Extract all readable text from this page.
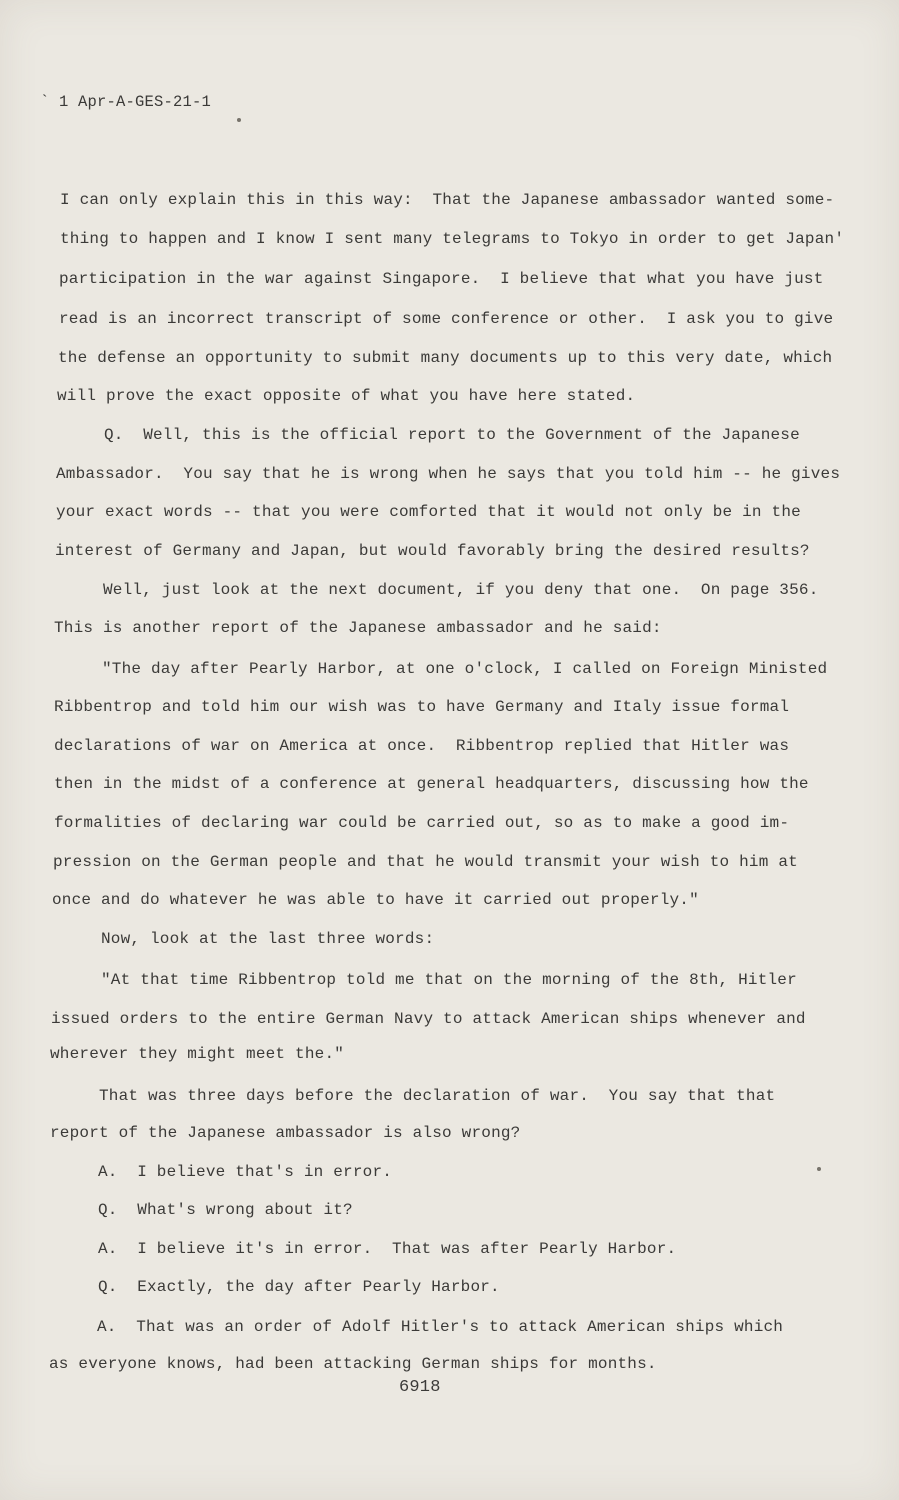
` 1 Apr-A-GES-21-1
I can only explain this in this way:  That the Japanese ambassador wanted some-
thing to happen and I know I sent many telegrams to Tokyo in order to get Japan'
participation in the war against Singapore.  I believe that what you have just
read is an incorrect transcript of some conference or other.  I ask you to give
the defense an opportunity to submit many documents up to this very date, which
will prove the exact opposite of what you have here stated.
Q.  Well, this is the official report to the Government of the Japanese
Ambassador.  You say that he is wrong when he says that you told him -- he gives
your exact words -- that you were comforted that it would not only be in the
interest of Germany and Japan, but would favorably bring the desired results?
Well, just look at the next document, if you deny that one.  On page 356.
This is another report of the Japanese ambassador and he said:
"The day after Pearly Harbor, at one o'clock, I called on Foreign Ministed
Ribbentrop and told him our wish was to have Germany and Italy issue formal
declarations of war on America at once.  Ribbentrop replied that Hitler was
then in the midst of a conference at general headquarters, discussing how the
formalities of declaring war could be carried out, so as to make a good im-
pression on the German people and that he would transmit your wish to him at
once and do whatever he was able to have it carried out properly."
Now, look at the last three words:
"At that time Ribbentrop told me that on the morning of the 8th, Hitler
issued orders to the entire German Navy to attack American ships whenever and
wherever they might meet the."
That was three days before the declaration of war.  You say that that
report of the Japanese ambassador is also wrong?
A.  I believe that's in error.
Q.  What's wrong about it?
A.  I believe it's in error.  That was after Pearly Harbor.
Q.  Exactly, the day after Pearly Harbor.
A.  That was an order of Adolf Hitler's to attack American ships which
as everyone knows, had been attacking German ships for months.
6918
